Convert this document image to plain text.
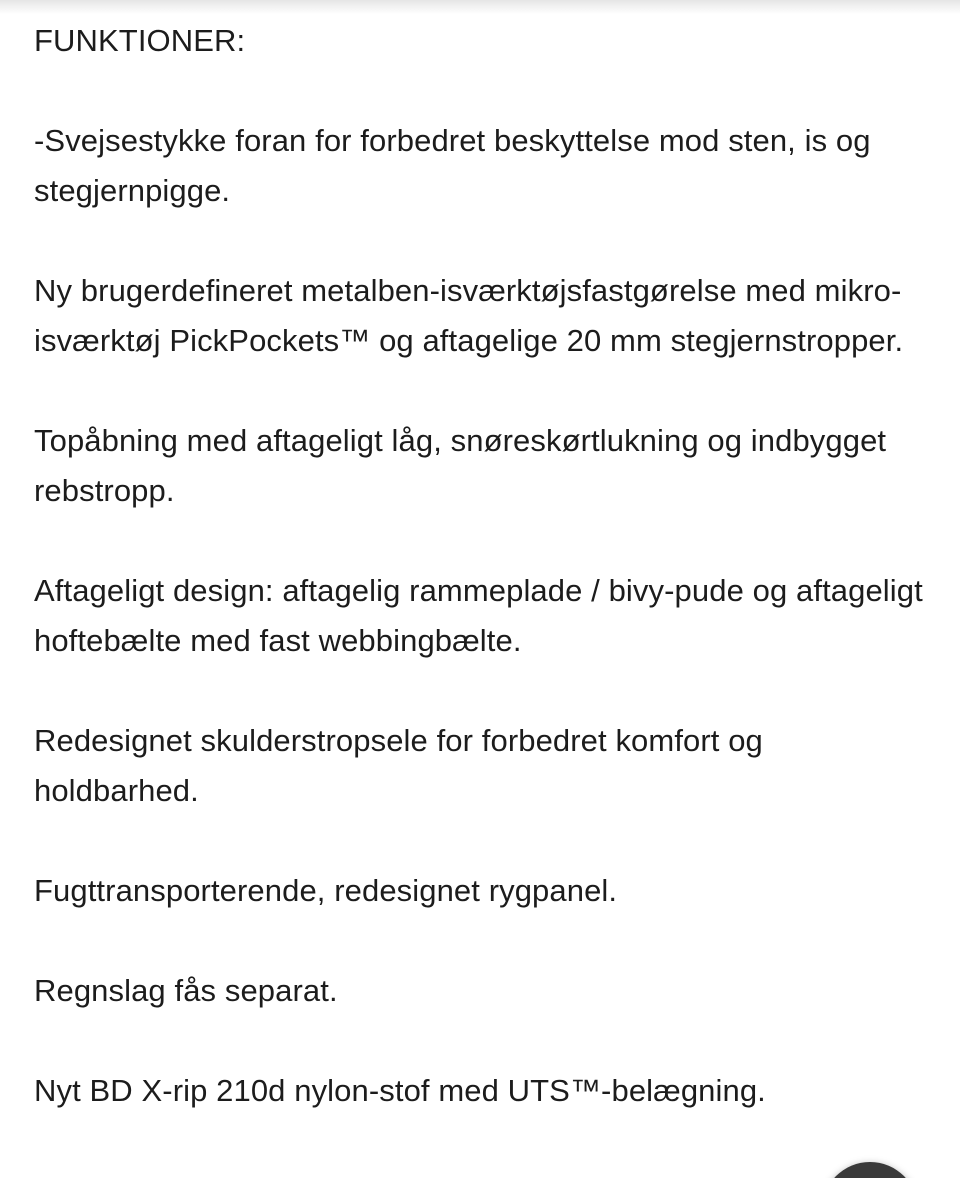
FUNKTIONER:

-Svejsestykke foran for forbedret beskyttelse mod sten, is og stegjernpigge.

Ny brugerdefineret metalben-isværktøjsfastgørelse med mikro-isværktøj PickPockets™ og aftagelige 20 mm stegjernstropper.

Topåbning med aftageligt låg, snøreskørtlukning og indbygget rebstropp.

Aftageligt design: aftagelig rammeplade / bivy-pude og aftageligt hoftebælte med fast webbingbælte.

Redesignet skulderstropsele for forbedret komfort og holdbarhed.

Fugttransporterende, redesignet rygpanel.

Regnslag fås separat.

Nyt BD X-rip 210d nylon-stof med UTS™-belægning.
